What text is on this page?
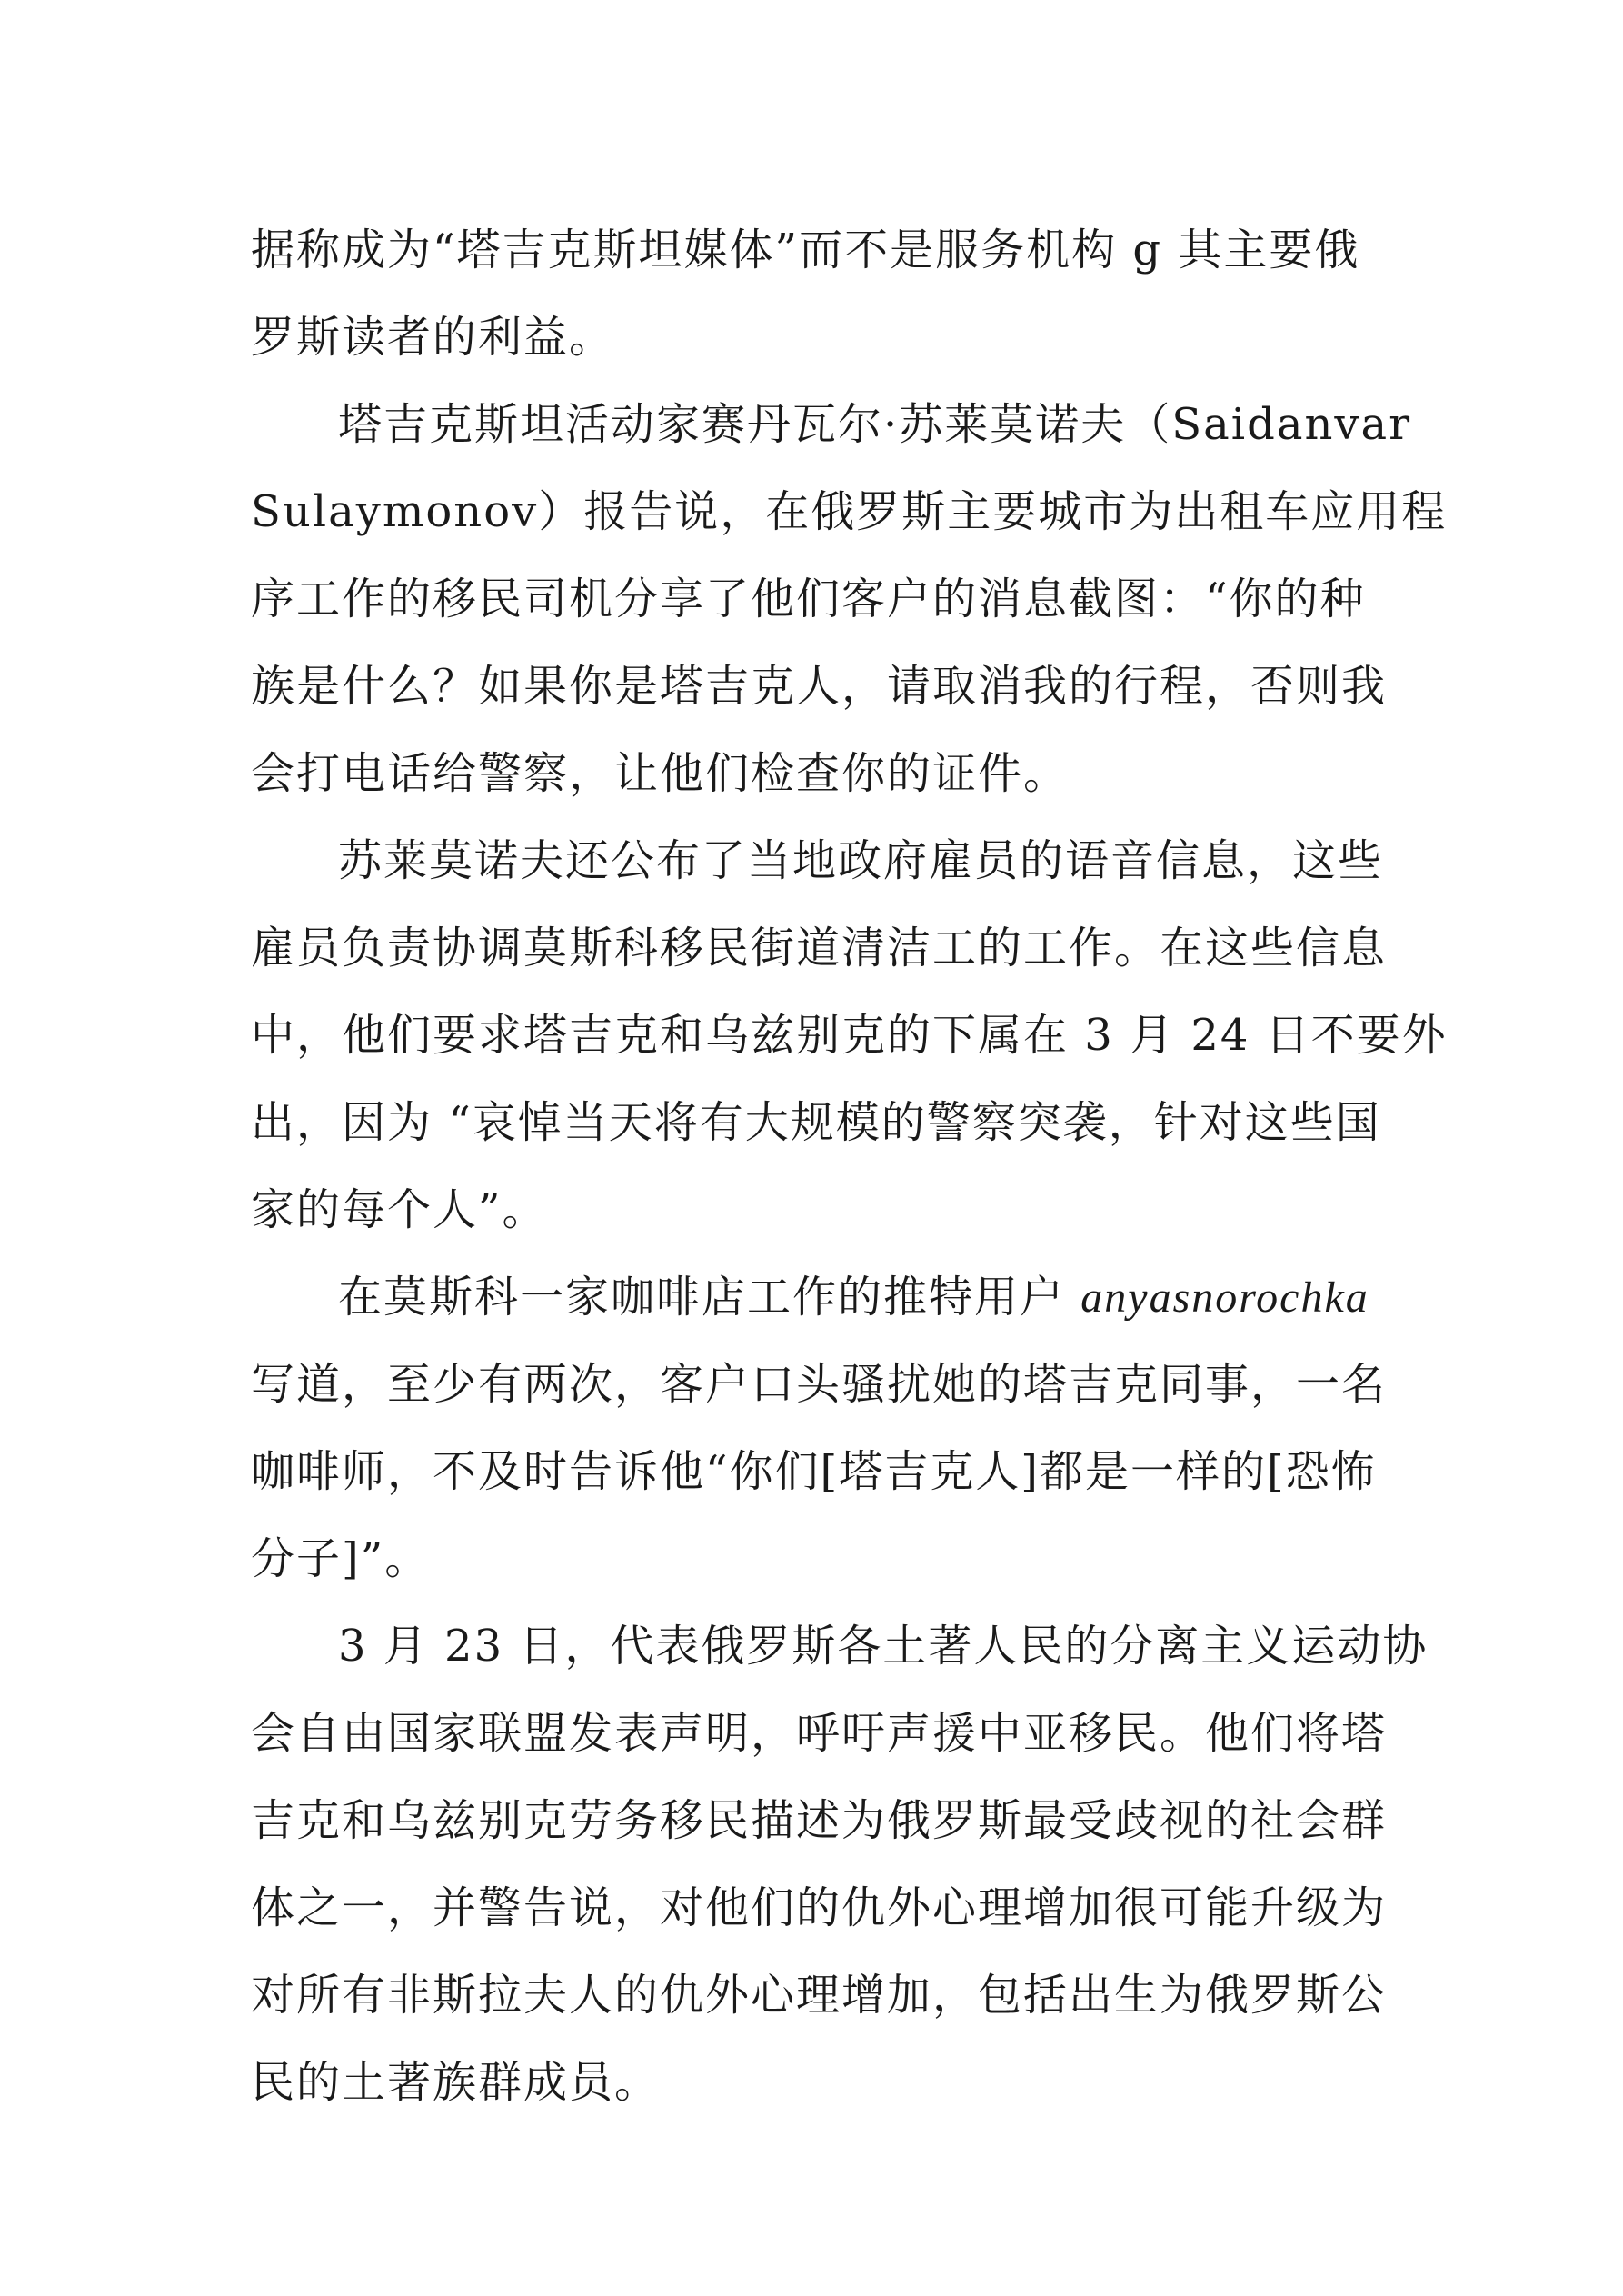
据称成为“塔吉克斯坦媒体”而不是服务机构 g 其主要俄
罗斯读者的利益。
塔吉克斯坦活动家赛丹瓦尔·苏莱莫诺夫（Saidanvar
Sulaymonov）报告说，在俄罗斯主要城市为出租车应用程
序工作的移民司机分享了他们客户的消息截图：“你的种
族是什么？如果你是塔吉克人，请取消我的行程，否则我
会打电话给警察，让他们检查你的证件。
苏莱莫诺夫还公布了当地政府雇员的语音信息，这些
雇员负责协调莫斯科移民街道清洁工的工作。在这些信息
中，他们要求塔吉克和乌兹别克的下属在 3 月 24 日不要外
出，因为 “哀悼当天将有大规模的警察突袭，针对这些国
家的每个人”。
在莫斯科一家咖啡店工作的推特用户 anyasnorochka
写道，至少有两次，客户口头骚扰她的塔吉克同事，一名
咖啡师，不及时告诉他“你们[塔吉克人]都是一样的[恐怖
分子]”。
3 月 23 日，代表俄罗斯各土著人民的分离主义运动协
会自由国家联盟发表声明，呼吁声援中亚移民。他们将塔
吉克和乌兹别克劳务移民描述为俄罗斯最受歧视的社会群
体之一，并警告说，对他们的仇外心理增加很可能升级为
对所有非斯拉夫人的仇外心理增加，包括出生为俄罗斯公
民的土著族群成员。
